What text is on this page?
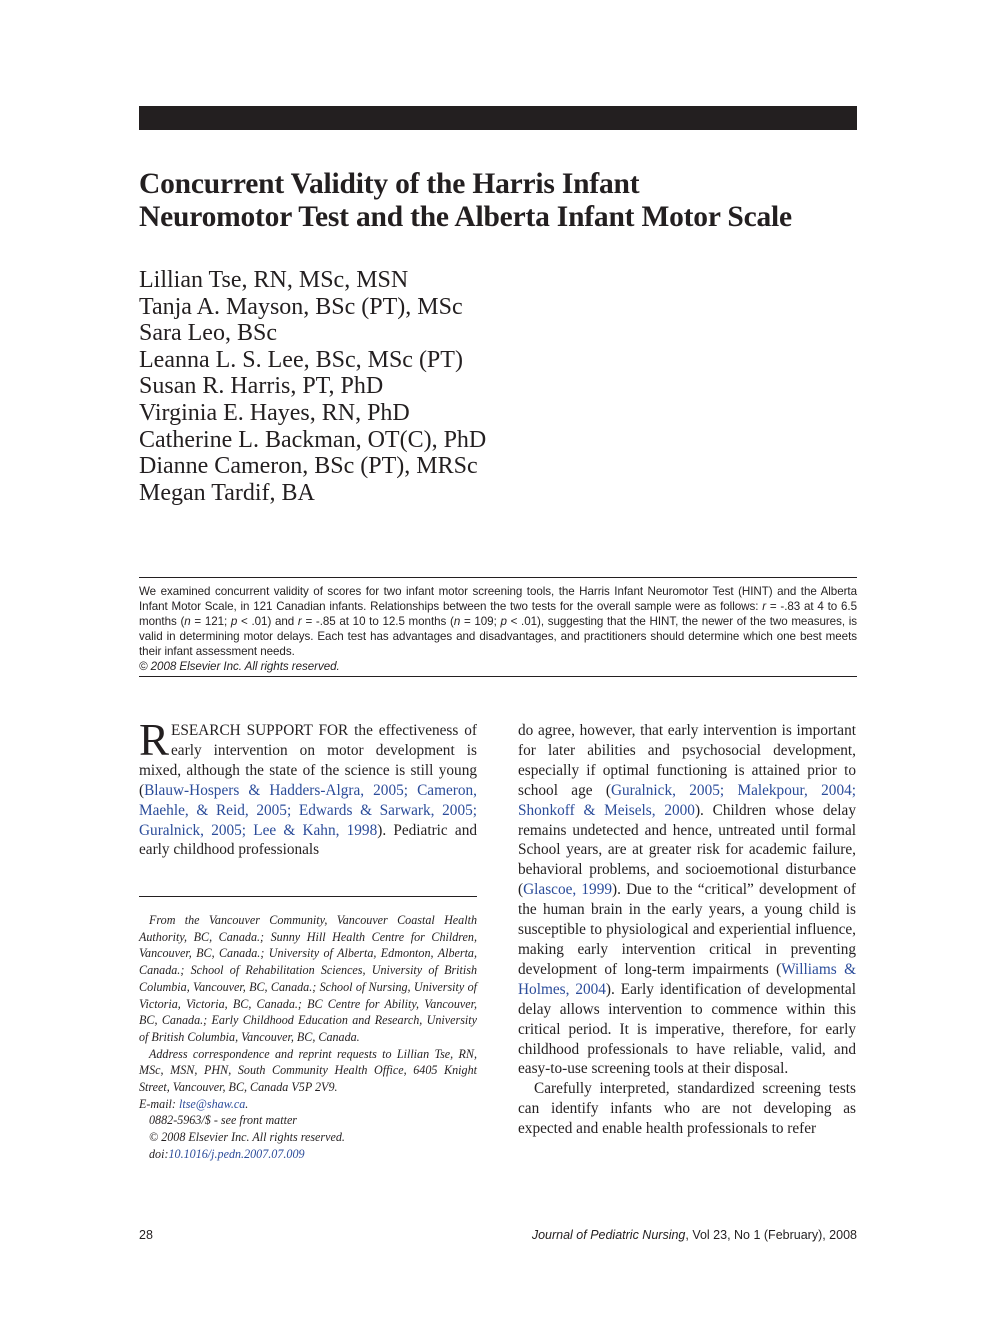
Concurrent Validity of the Harris Infant
Neuromotor Test and the Alberta Infant Motor Scale
Lillian Tse, RN, MSc, MSN
Tanja A. Mayson, BSc (PT), MSc
Sara Leo, BSc
Leanna L. S. Lee, BSc, MSc (PT)
Susan R. Harris, PT, PhD
Virginia E. Hayes, RN, PhD
Catherine L. Backman, OT(C), PhD
Dianne Cameron, BSc (PT), MRSc
Megan Tardif, BA

We examined concurrent validity of scores for two infant motor screening tools, the Harris Infant Neuromotor Test (HINT) and the Alberta Infant Motor Scale, in 121 Canadian infants. Relationships between the two tests for the overall sample were as follows: r = -.83 at 4 to 6.5 months (n = 121; p < .01) and r = -.85 at 10 to 12.5 months (n = 109; p < .01), suggesting that the HINT, the newer of the two measures, is valid in determining motor delays. Each test has advantages and disadvantages, and practitioners should determine which one best meets their infant assessment needs.
© 2008 Elsevier Inc. All rights reserved.

RESEARCH SUPPORT FOR the effectiveness of early intervention on motor development is mixed, although the state of the science is still young (Blauw-Hospers & Hadders-Algra, 2005; Cameron, Maehle, & Reid, 2005; Edwards & Sarwark, 2005; Guralnick, 2005; Lee & Kahn, 1998). Pediatric and early childhood professionals

From the Vancouver Community, Vancouver Coastal Health Authority, BC, Canada.; Sunny Hill Health Centre for Children, Vancouver, BC, Canada.; University of Alberta, Edmonton, Alberta, Canada.; School of Rehabilitation Sciences, University of British Columbia, Vancouver, BC, Canada.; School of Nursing, University of Victoria, Victoria, BC, Canada.; BC Centre for Ability, Vancouver, BC, Canada.; Early Childhood Education and Research, University of British Columbia, Vancouver, BC, Canada.

Address correspondence and reprint requests to Lillian Tse, RN, MSc, MSN, PHN, South Community Health Office, 6405 Knight Street, Vancouver, BC, Canada V5P 2V9.

E-mail: ltse@shaw.ca.

0882-5963/$ - see front matter

© 2008 Elsevier Inc. All rights reserved.

doi:10.1016/j.pedn.2007.07.009

do agree, however, that early intervention is important for later abilities and psychosocial development, especially if optimal functioning is attained prior to school age (Guralnick, 2005; Malekpour, 2004; Shonkoff & Meisels, 2000). Children whose delay remains undetected and hence, untreated until formal School years, are at greater risk for academic failure, behavioral problems, and socioemotional disturbance (Glascoe, 1999). Due to the “critical” development of the human brain in the early years, a young child is susceptible to physiological and experiential influence, making early intervention critical in preventing development of long-term impairments (Williams & Holmes, 2004). Early identification of developmental delay allows intervention to commence within this critical period. It is imperative, therefore, for early childhood professionals to have reliable, valid, and easy-to-use screening tools at their disposal.

Carefully interpreted, standardized screening tests can identify infants who are not developing as expected and enable health professionals to refer

28	Journal of Pediatric Nursing, Vol 23, No 1 (February), 2008
